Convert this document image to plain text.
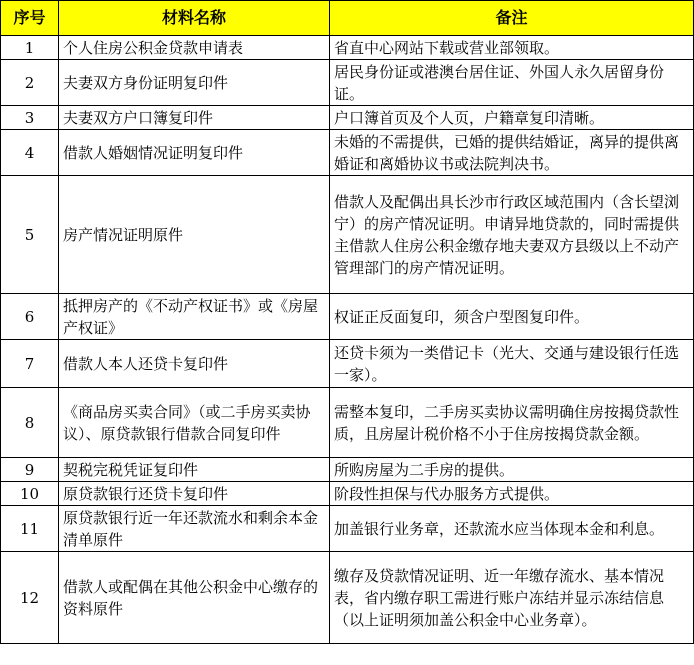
序号	材料名称	备注
1	个人住房公积金贷款申请表	省直中心网站下载或营业部领取。
2	夫妻双方身份证明复印件	居民身份证或港澳台居住证、外国人永久居留身份证。
3	夫妻双方户口簿复印件	户口簿首页及个人页，户籍章复印清晰。
4	借款人婚姻情况证明复印件	未婚的不需提供，已婚的提供结婚证，离异的提供离婚证和离婚协议书或法院判决书。
5	房产情况证明原件	借款人及配偶出具长沙市行政区域范围内（含长望浏宁）的房产情况证明。申请异地贷款的，同时需提供主借款人住房公积金缴存地夫妻双方县级以上不动产管理部门的房产情况证明。
6	抵押房产的《不动产权证书》或《房屋产权证》	权证正反面复印，须含户型图复印件。
7	借款人本人还贷卡复印件	还贷卡须为一类借记卡（光大、交通与建设银行任选一家）。
8	《商品房买卖合同》（或二手房买卖协议）、原贷款银行借款合同复印件	需整本复印，二手房买卖协议需明确住房按揭贷款性质，且房屋计税价格不小于住房按揭贷款金额。
9	契税完税凭证复印件	所购房屋为二手房的提供。
10	原贷款银行还贷卡复印件	阶段性担保与代办服务方式提供。
11	原贷款银行近一年还款流水和剩余本金清单原件	加盖银行业务章，还款流水应当体现本金和利息。
12	借款人或配偶在其他公积金中心缴存的资料原件	缴存及贷款情况证明、近一年缴存流水、基本情况表，省内缴存职工需进行账户冻结并显示冻结信息（以上证明须加盖公积金中心业务章）。
